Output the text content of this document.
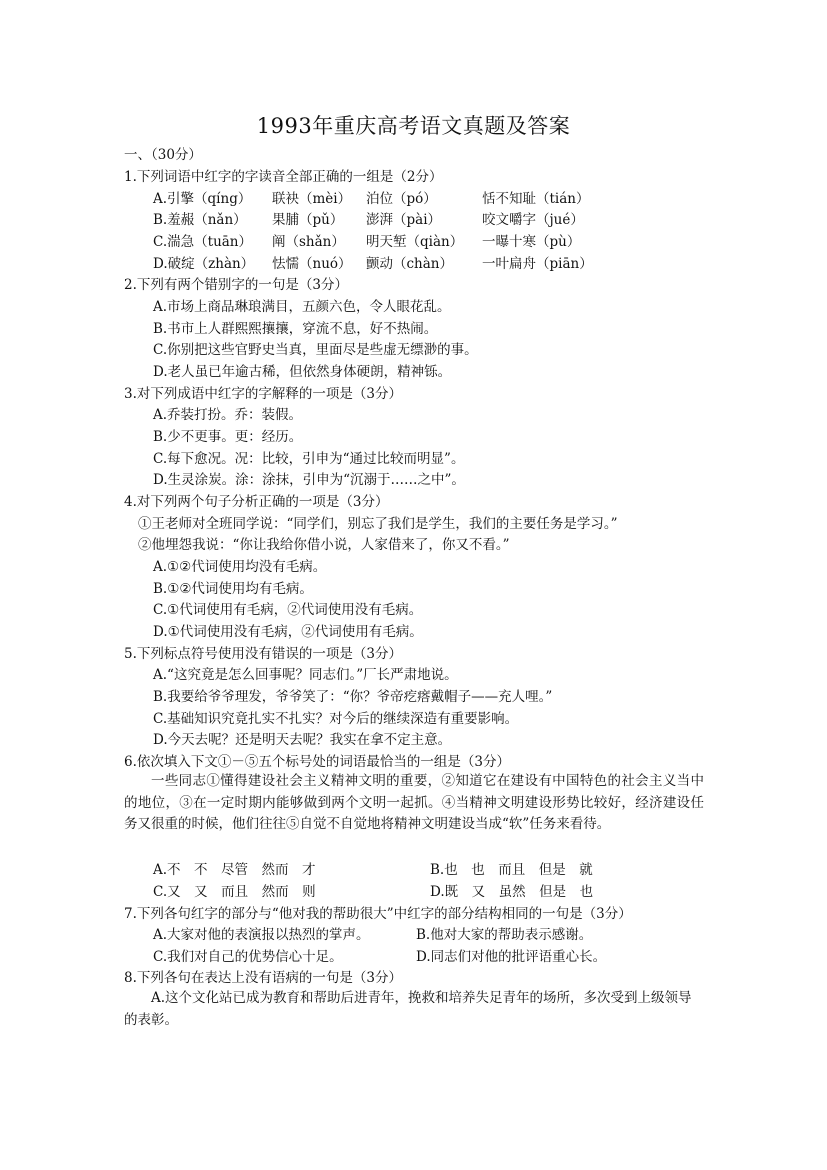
1993年重庆高考语文真题及答案
一、（30分）
1.下列词语中红字的字读音全部正确的一组是（2分）
A.引擎（qíng） 联袂（mèi） 泊位（pó）	恬不知耻（tián）
B.羞赧（nǎn） 果脯（pǔ） 澎湃（pài）	咬文嚼字（jué）
C.湍急（tuān） 阐（shǎn） 明天堑（qiàn） 一曝十寒（pù）
D.破绽（zhàn） 怯懦（nuó） 颤动（chàn） 一叶扁舟（piān）
2.下列有两个错别字的一句是（3分）
A.市场上商品琳琅满目，五颜六色，令人眼花乱。
B.书市上人群熙熙攘攘，穿流不息，好不热闹。
C.你别把这些官野史当真，里面尽是些虚无缥渺的事。
D.老人虽已年逾古稀，但依然身体硬朗，精神铄。
3.对下列成语中红字的字解释的一项是（3分）
A.乔装打扮。乔：装假。
B.少不更事。更：经历。
C.每下愈况。况：比较，引申为“通过比较而明显”。
D.生灵涂炭。涂：涂抹，引申为“沉溺于……之中”。
4.对下列两个句子分析正确的一项是（3分）
①王老师对全班同学说：“同学们，别忘了我们是学生，我们的主要任务是学习。”
②他埋怨我说：“你让我给你借小说，人家借来了，你又不看。”
A.①②代词使用均没有毛病。
B.①②代词使用均有毛病。
C.①代词使用有毛病，②代词使用没有毛病。
D.①代词使用没有毛病，②代词使用有毛病。
5.下列标点符号使用没有错误的一项是（3分）
A.“这究竟是怎么回事呢？同志们。”厂长严肃地说。
B.我要给爷爷理发，爷爷笑了：“你？爷帝疙瘩戴帽子——充人哩。”
C.基础知识究竟扎实不扎实？对今后的继续深造有重要影响。
D.今天去呢？还是明天去呢？我实在拿不定主意。
6.依次填入下文①－⑤五个标号处的词语最恰当的一组是（3分）
一些同志①懂得建设社会主义精神文明的重要，②知道它在建设有中国特色的社会主义当中的地位，③在一定时期内能够做到两个文明一起抓。④当精神文明建设形势比较好，经济建设任务又很重的时候，他们往往⑤自觉不自觉地将精神文明建设当成“软”任务来看待。
A.不　不　尽管　然而　才	B.也　也　而且　但是　就
C.又　又　而且　然而　则	D.既　又　虽然　但是　也
7.下列各句红字的部分与“他对我的帮助很大”中红字的部分结构相同的一句是（3分）
A.大家对他的表演报以热烈的掌声。	B.他对大家的帮助表示感谢。
C.我们对自己的优势信心十足。	D.同志们对他的批评语重心长。
8.下列各句在表达上没有语病的一句是（3分）
A.这个文化站已成为教育和帮助后进青年，挽救和培养失足青年的场所，多次受到上级领导的表彰。
